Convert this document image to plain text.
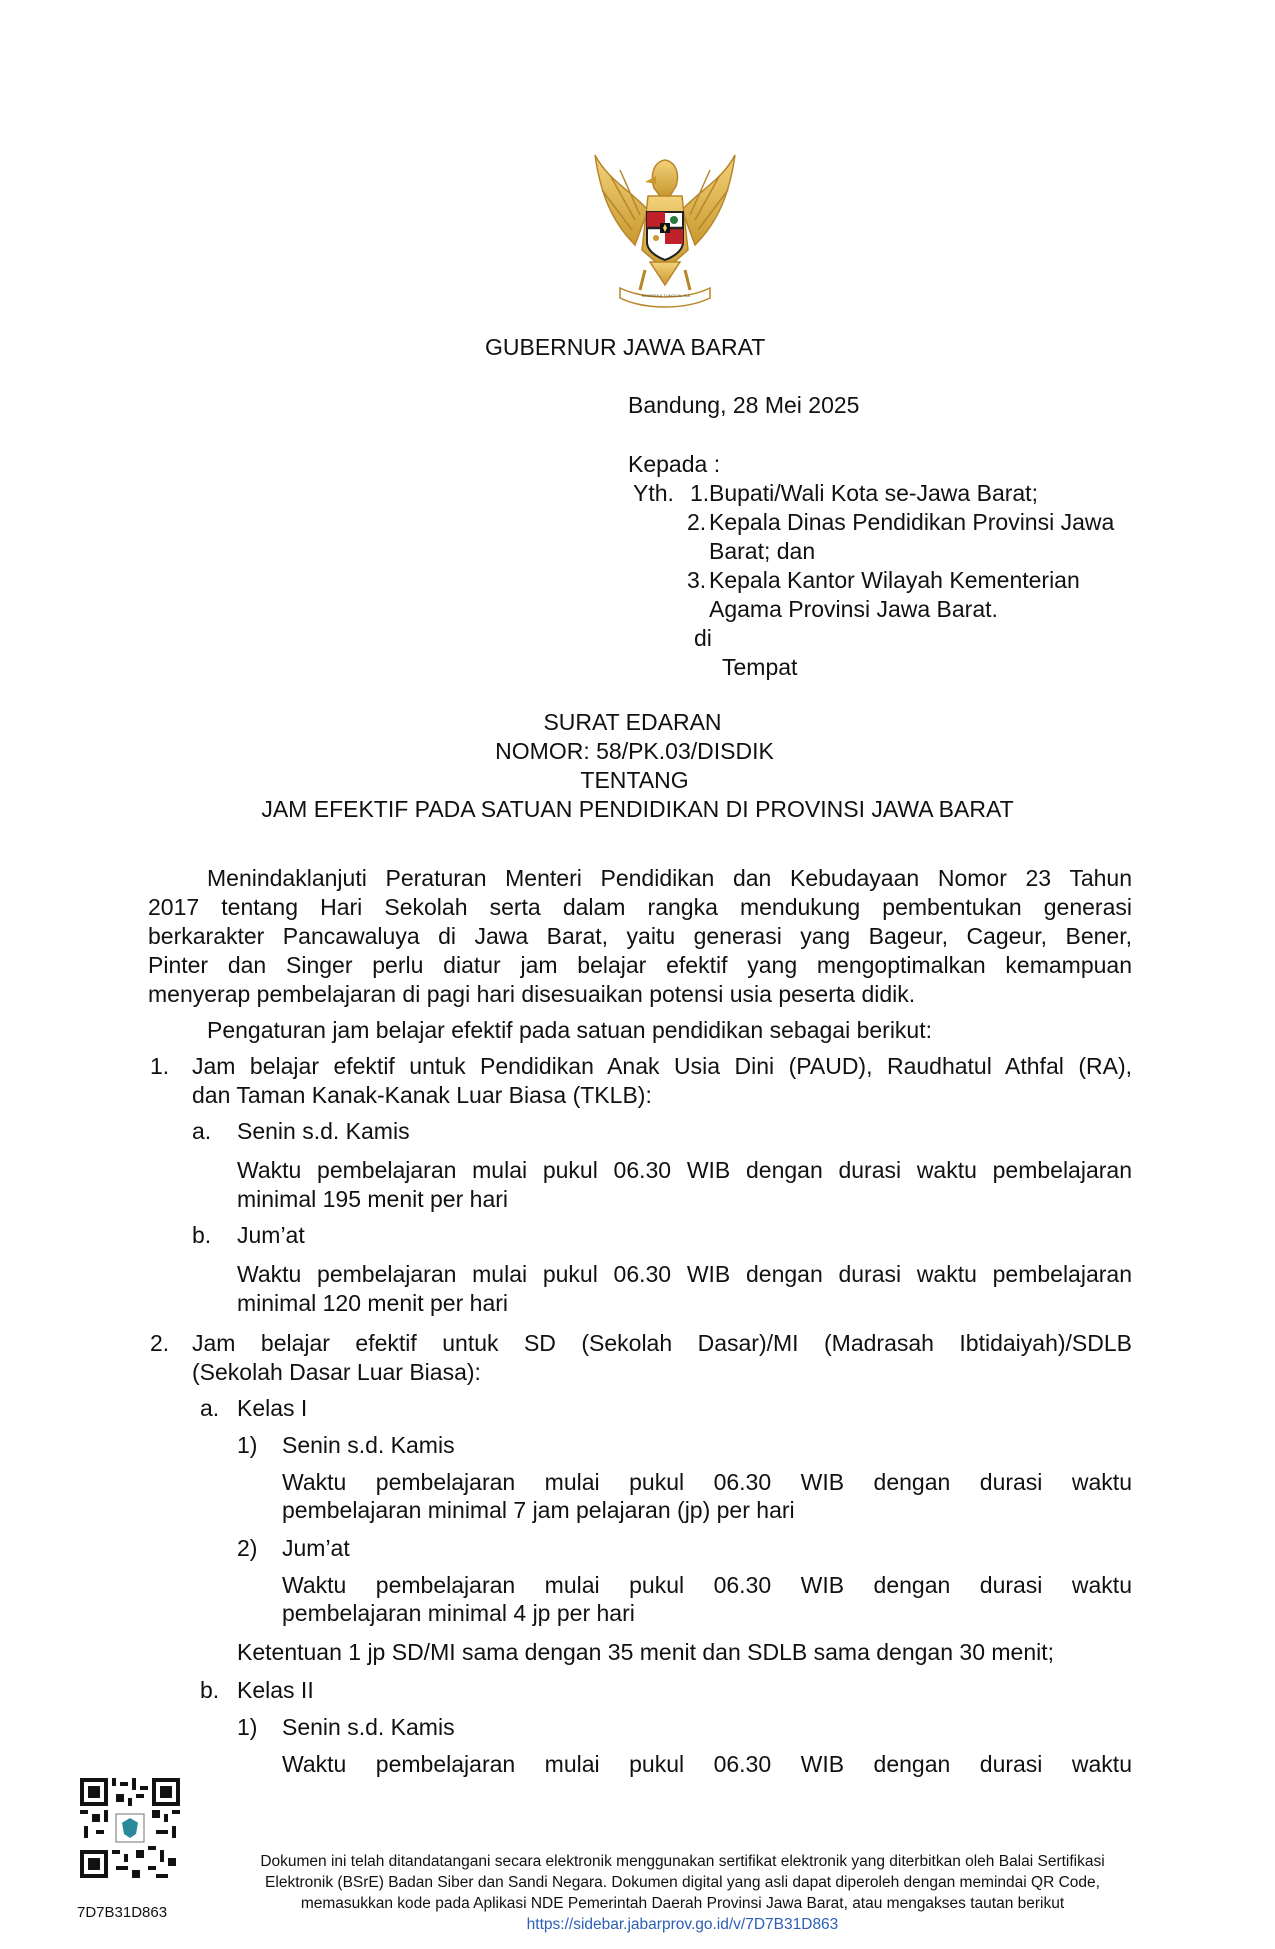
BHINNEKA TUNGGAL IKA
GUBERNUR JAWA BARAT
Bandung, 28 Mei 2025
Kepada :
Yth. 1. Bupati/Wali Kota se-Jawa Barat;
2. Kepala Dinas Pendidikan Provinsi Jawa
Barat; dan
3. Kepala Kantor Wilayah Kementerian
Agama Provinsi Jawa Barat.
di
Tempat
SURAT EDARAN
NOMOR: 58/PK.03/DISDIK
TENTANG
JAM EFEKTIF PADA SATUAN PENDIDIKAN DI PROVINSI JAWA BARAT
Menindaklanjuti Peraturan Menteri Pendidikan dan Kebudayaan Nomor 23 Tahun
2017 tentang Hari Sekolah serta dalam rangka mendukung pembentukan generasi
berkarakter Pancawaluya di Jawa Barat, yaitu generasi yang Bageur, Cageur, Bener,
Pinter dan Singer perlu diatur jam belajar efektif yang mengoptimalkan kemampuan
menyerap pembelajaran di pagi hari disesuaikan potensi usia peserta didik.
Pengaturan jam belajar efektif pada satuan pendidikan sebagai berikut:
1. Jam belajar efektif untuk Pendidikan Anak Usia Dini (PAUD), Raudhatul Athfal (RA),
dan Taman Kanak-Kanak Luar Biasa (TKLB):
a. Senin s.d. Kamis
Waktu pembelajaran mulai pukul 06.30 WIB dengan durasi waktu pembelajaran
minimal 195 menit per hari
b. Jum’at
Waktu pembelajaran mulai pukul 06.30 WIB dengan durasi waktu pembelajaran
minimal 120 menit per hari
2. Jam belajar efektif untuk SD (Sekolah Dasar)/MI (Madrasah Ibtidaiyah)/SDLB
(Sekolah Dasar Luar Biasa):
a. Kelas I
1) Senin s.d. Kamis
Waktu pembelajaran mulai pukul 06.30 WIB dengan durasi waktu
pembelajaran minimal 7 jam pelajaran (jp) per hari
2) Jum’at
Waktu pembelajaran mulai pukul 06.30 WIB dengan durasi waktu
pembelajaran minimal 4 jp per hari
Ketentuan 1 jp SD/MI sama dengan 35 menit dan SDLB sama dengan 30 menit;
b. Kelas II
1) Senin s.d. Kamis
Waktu pembelajaran mulai pukul 06.30 WIB dengan durasi waktu
7D7B31D863
Dokumen ini telah ditandatangani secara elektronik menggunakan sertifikat elektronik yang diterbitkan oleh Balai Sertifikasi
Elektronik (BSrE) Badan Siber dan Sandi Negara. Dokumen digital yang asli dapat diperoleh dengan memindai QR Code,
memasukkan kode pada Aplikasi NDE Pemerintah Daerah Provinsi Jawa Barat, atau mengakses tautan berikut
https://sidebar.jabarprov.go.id/v/7D7B31D863
